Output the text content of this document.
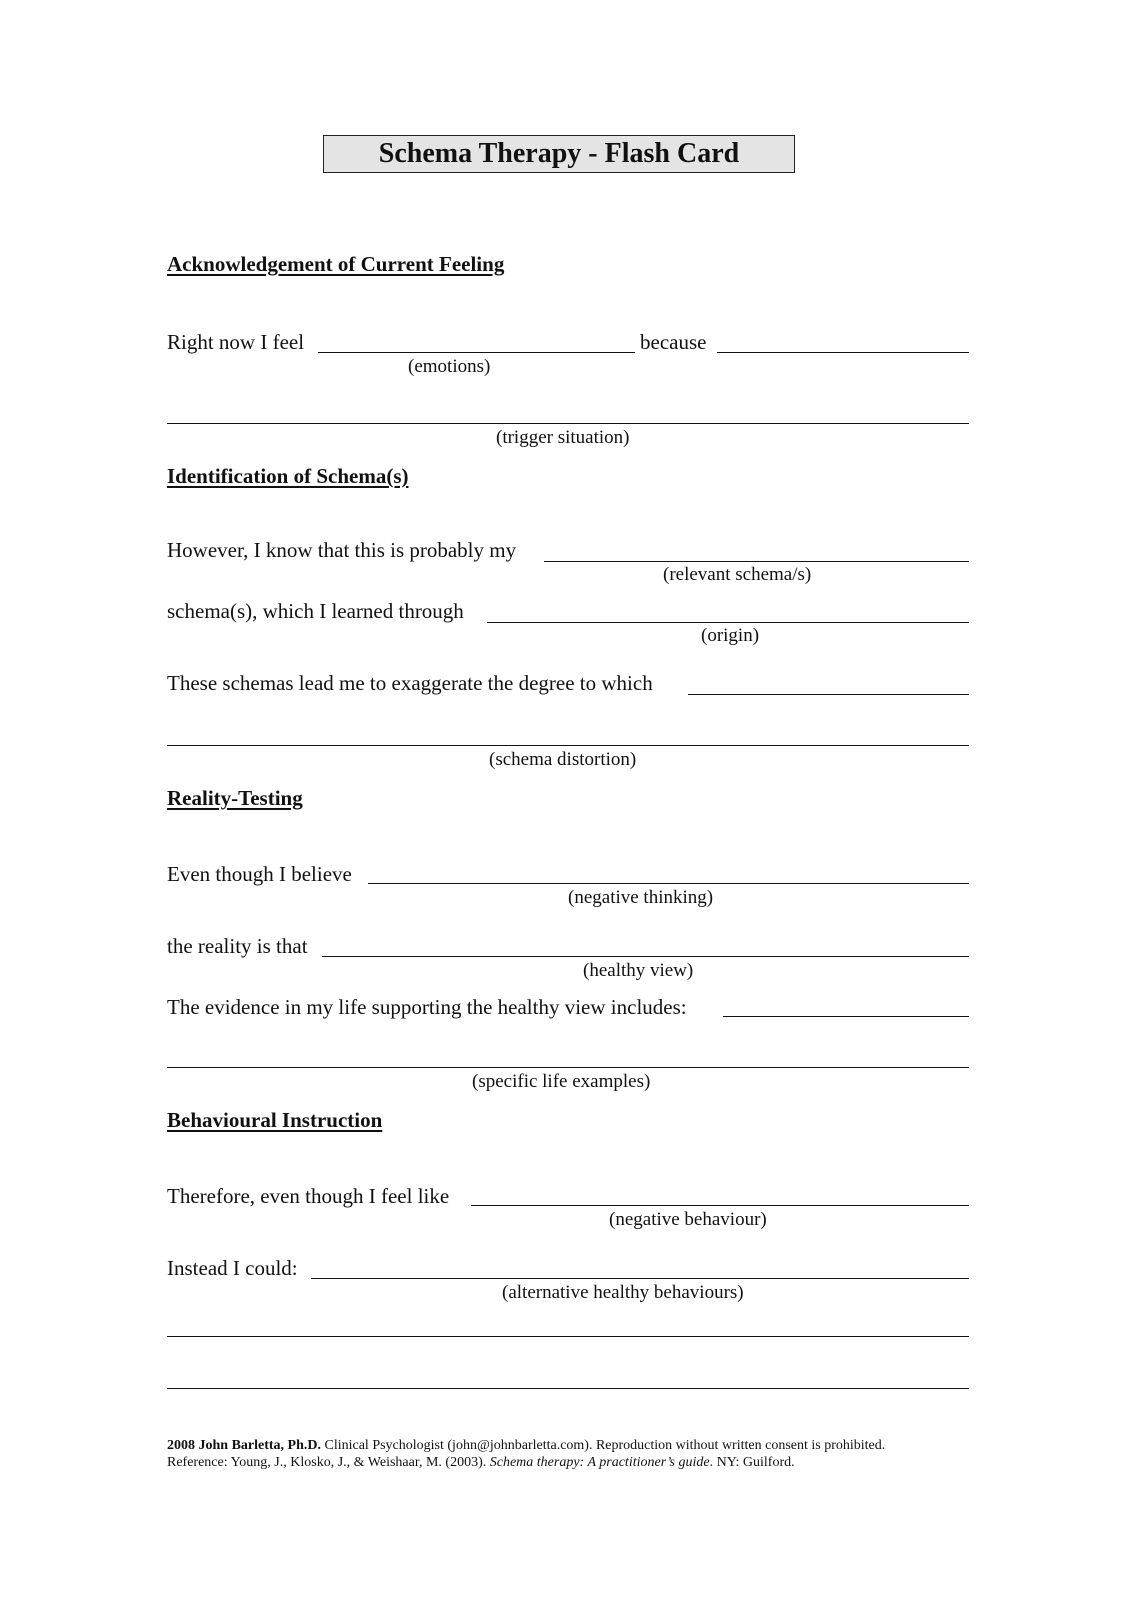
Schema Therapy - Flash Card
Acknowledgement of Current Feeling
Right now I feel	because
(emotions)
(trigger situation)
Identification of Schema(s)
However, I know that this is probably my
(relevant schema/s)
schema(s), which I learned through
(origin)
These schemas lead me to exaggerate the degree to which
(schema distortion)
Reality-Testing
Even though I believe
(negative thinking)
the reality is that
(healthy view)
The evidence in my life supporting the healthy view includes:
(specific life examples)
Behavioural Instruction
Therefore, even though I feel like
(negative behaviour)
Instead I could:
(alternative healthy behaviours)
2008 John Barletta, Ph.D. Clinical Psychologist (john@johnbarletta.com). Reproduction without written consent is prohibited.
Reference: Young, J., Klosko, J., & Weishaar, M. (2003). Schema therapy: A practitioner’s guide. NY: Guilford.
